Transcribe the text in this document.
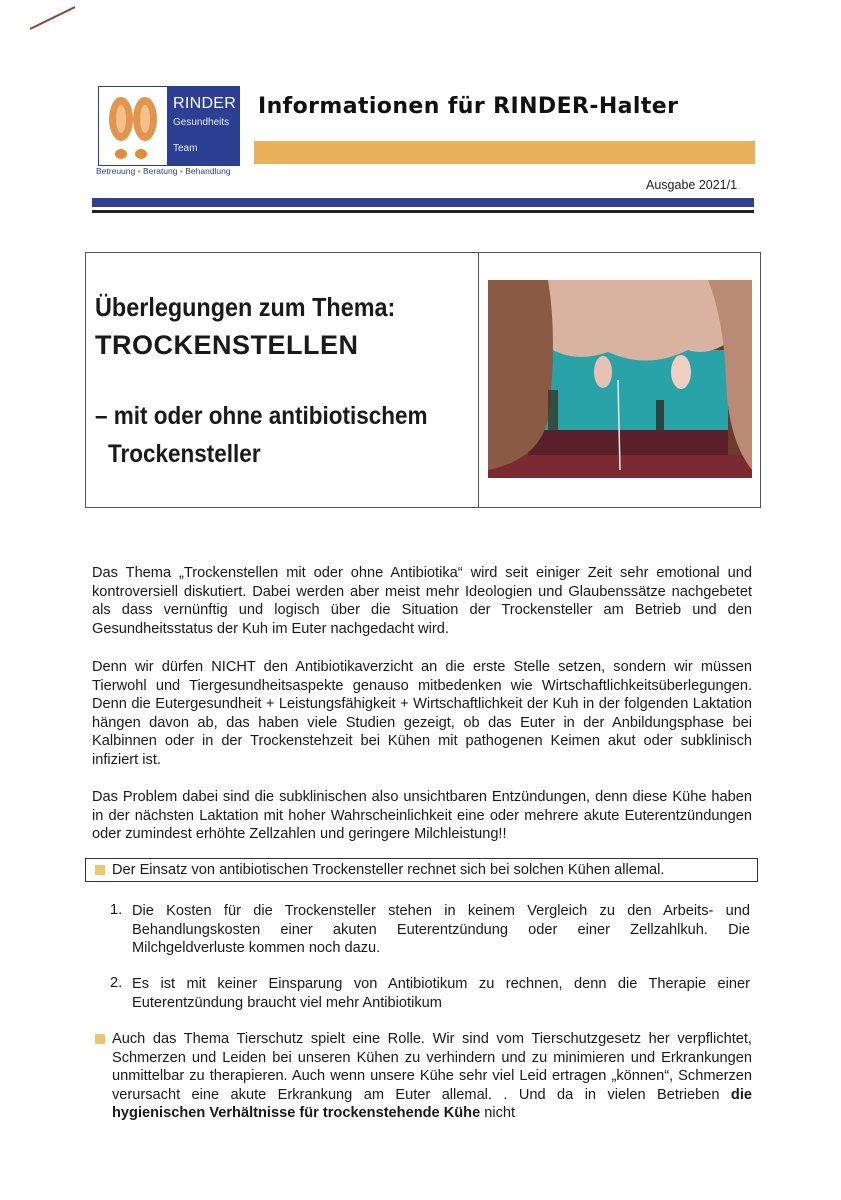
RINDER
Gesundheits
Team
Betreuung ▪ Beratung ▪ Behandlung
Informationen für RINDER-Halter
Ausgabe 2021/1
Überlegungen zum Thema:
TROCKENSTELLEN
– mit oder ohne antibiotischem
Trockensteller
Das Thema „Trockenstellen mit oder ohne Antibiotika“ wird seit einiger Zeit sehr emotional und kontroversiell diskutiert. Dabei werden aber meist mehr Ideologien und Glaubenssätze nachgebetet als dass vernünftig und logisch über die Situation der Trockensteller am Betrieb und den Gesundheitsstatus der Kuh im Euter nachgedacht wird.
Denn wir dürfen NICHT den Antibiotikaverzicht an die erste Stelle setzen, sondern wir müssen Tierwohl und Tiergesundheitsaspekte genauso mitbedenken wie Wirtschaftlichkeitsüberlegungen. Denn die Eutergesundheit + Leistungsfähigkeit + Wirtschaftlichkeit der Kuh in der folgenden Laktation hängen davon ab, das haben viele Studien gezeigt, ob das Euter in der Anbildungsphase bei Kalbinnen oder in der Trockenstehzeit bei Kühen mit pathogenen Keimen akut oder subklinisch infiziert ist.
Das Problem dabei sind die subklinischen also unsichtbaren Entzündungen, denn diese Kühe haben in der nächsten Laktation mit hoher Wahrscheinlichkeit eine oder mehrere akute Euterentzündungen oder zumindest erhöhte Zellzahlen und geringere Milchleistung!!
Der Einsatz von antibiotischen Trockensteller rechnet sich bei solchen Kühen allemal.
1. Die Kosten für die Trockensteller stehen in keinem Vergleich zu den Arbeits- und Behandlungskosten einer akuten Euterentzündung oder einer Zellzahlkuh. Die Milchgeldverluste kommen noch dazu.
2. Es ist mit keiner Einsparung von Antibiotikum zu rechnen, denn die Therapie einer Euterentzündung braucht viel mehr Antibiotikum
Auch das Thema Tierschutz spielt eine Rolle. Wir sind vom Tierschutzgesetz her verpflichtet, Schmerzen und Leiden bei unseren Kühen zu verhindern und zu minimieren und Erkrankungen unmittelbar zu therapieren. Auch wenn unsere Kühe sehr viel Leid ertragen „können“, Schmerzen verursacht eine akute Erkrankung am Euter allemal. . Und da in vielen Betrieben die hygienischen Verhältnisse für trockenstehende Kühe nicht
